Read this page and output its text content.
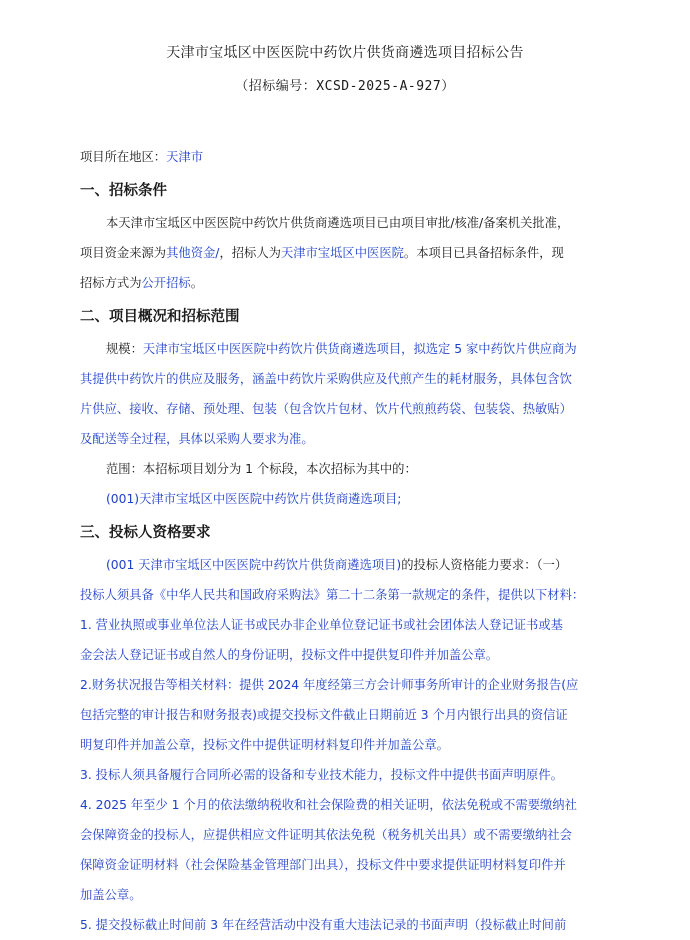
天津市宝坻区中医医院中药饮片供货商遴选项目招标公告
（招标编号：XCSD-2025-A-927）
项目所在地区：天津市
一、招标条件
本天津市宝坻区中医医院中药饮片供货商遴选项目已由项目审批/核准/备案机关批准，
项目资金来源为其他资金/，招标人为天津市宝坻区中医医院。本项目已具备招标条件，现
招标方式为公开招标。
二、项目概况和招标范围
规模：天津市宝坻区中医医院中药饮片供货商遴选项目，拟选定 5 家中药饮片供应商为
其提供中药饮片的供应及服务，涵盖中药饮片采购供应及代煎产生的耗材服务，具体包含饮
片供应、接收、存储、预处理、包装（包含饮片包材、饮片代煎煎药袋、包装袋、热敏贴）
及配送等全过程，具体以采购人要求为准。
范围：本招标项目划分为 1 个标段，本次招标为其中的：
(001)天津市宝坻区中医医院中药饮片供货商遴选项目;
三、投标人资格要求
(001 天津市宝坻区中医医院中药饮片供货商遴选项目)的投标人资格能力要求：（一）
投标人须具备《中华人民共和国政府采购法》第二十二条第一款规定的条件，提供以下材料：
1. 营业执照或事业单位法人证书或民办非企业单位登记证书或社会团体法人登记证书或基
金会法人登记证书或自然人的身份证明，投标文件中提供复印件并加盖公章。
2.财务状况报告等相关材料：提供 2024 年度经第三方会计师事务所审计的企业财务报告(应
包括完整的审计报告和财务报表)或提交投标文件截止日期前近 3 个月内银行出具的资信证
明复印件并加盖公章，投标文件中提供证明材料复印件并加盖公章。
3. 投标人须具备履行合同所必需的设备和专业技术能力，投标文件中提供书面声明原件。
4. 2025 年至少 1 个月的依法缴纳税收和社会保险费的相关证明，依法免税或不需要缴纳社
会保障资金的投标人，应提供相应文件证明其依法免税（税务机关出具）或不需要缴纳社会
保障资金证明材料（社会保险基金管理部门出具），投标文件中要求提供证明材料复印件并
加盖公章。
5. 提交投标截止时间前 3 年在经营活动中没有重大违法记录的书面声明（投标截止时间前
